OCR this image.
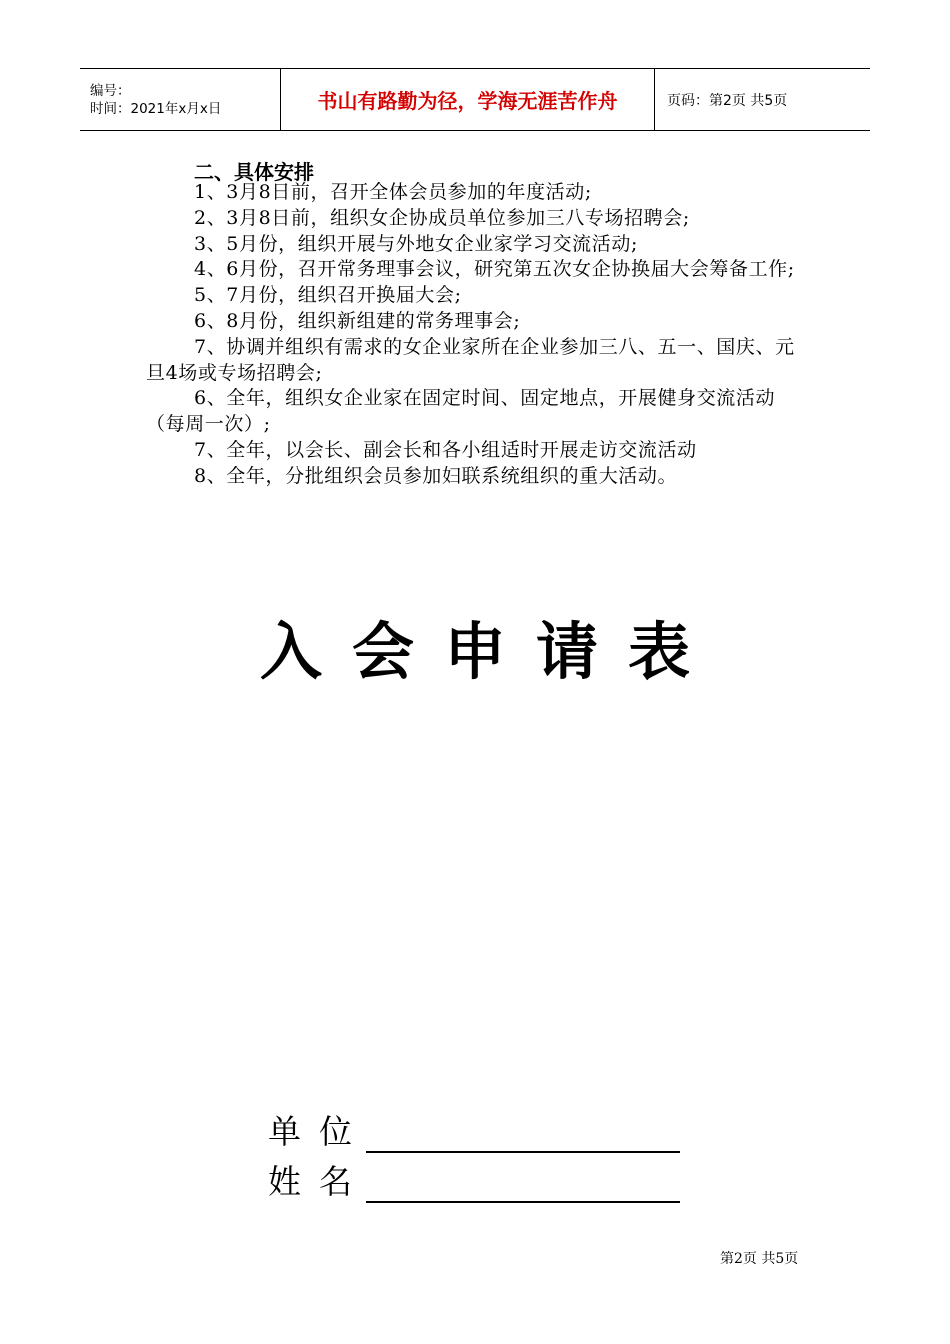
编号：
时间：2021年x月x日	书山有路勤为径，学海无涯苦作舟	页码：第2页 共5页
二、具体安排

1、3月8日前，召开全体会员参加的年度活动;

2、3月8日前，组织女企协成员单位参加三八专场招聘会;

3、5月份，组织开展与外地女企业家学习交流活动;

4、6月份，召开常务理事会议，研究第五次女企协换届大会筹备工作;

5、7月份，组织召开换届大会;

6、8月份，组织新组建的常务理事会;

7、协调并组织有需求的女企业家所在企业参加三八、五一、国庆、元旦4场或专场招聘会;

6、全年，组织女企业家在固定时间、固定地点，开展健身交流活动（每周一次）;

7、全年，以会长、副会长和各小组适时开展走访交流活动

8、全年，分批组织会员参加妇联系统组织的重大活动。

入会申请表
单位
姓名
第2页 共5页
